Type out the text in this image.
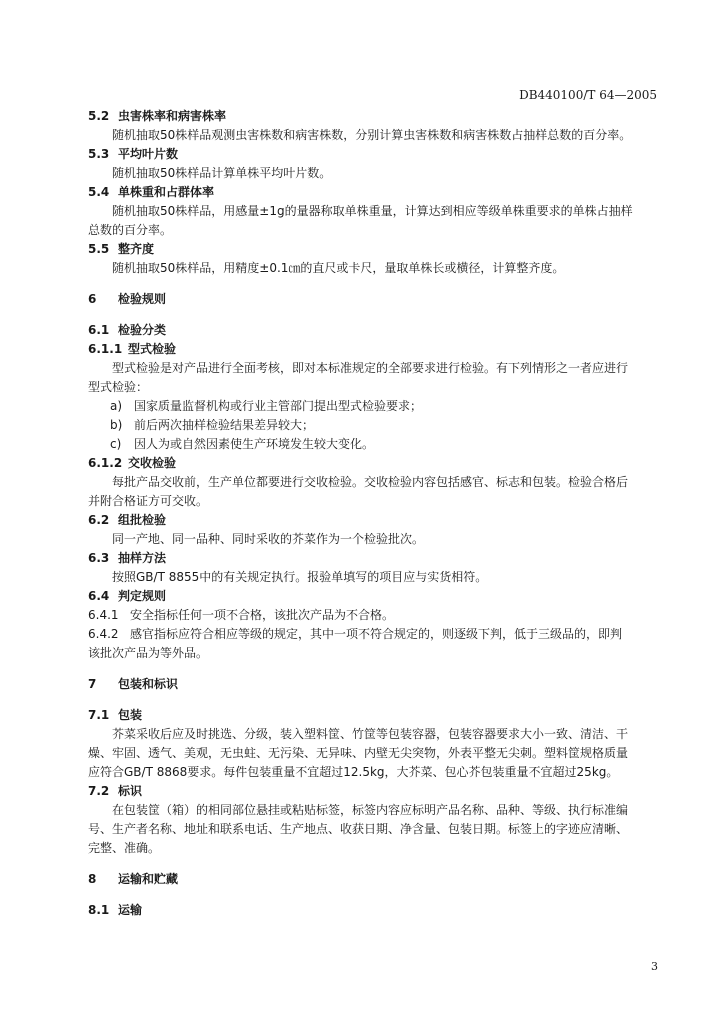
DB440100/T 64—2005
5.2 虫害株率和病害株率
随机抽取50株样品观测虫害株数和病害株数，分别计算虫害株数和病害株数占抽样总数的百分率。
5.3 平均叶片数
随机抽取50株样品计算单株平均叶片数。
5.4 单株重和占群体率
随机抽取50株样品，用感量±1g的量器称取单株重量，计算达到相应等级单株重要求的单株占抽样
总数的百分率。
5.5 整齐度
随机抽取50株样品，用精度±0.1㎝的直尺或卡尺，量取单株长或横径，计算整齐度。
6 检验规则
6.1 检验分类
6.1.1 型式检验
型式检验是对产品进行全面考核，即对本标准规定的全部要求进行检验。有下列情形之一者应进行
型式检验：
a) 国家质量监督机构或行业主管部门提出型式检验要求；
b) 前后两次抽样检验结果差异较大；
c) 因人为或自然因素使生产环境发生较大变化。
6.1.2 交收检验
每批产品交收前，生产单位都要进行交收检验。交收检验内容包括感官、标志和包装。检验合格后
并附合格证方可交收。
6.2 组批检验
同一产地、同一品种、同时采收的芥菜作为一个检验批次。
6.3 抽样方法
按照GB/T 8855中的有关规定执行。报验单填写的项目应与实货相符。
6.4 判定规则
6.4.1 安全指标任何一项不合格，该批次产品为不合格。
6.4.2 感官指标应符合相应等级的规定，其中一项不符合规定的，则逐级下判，低于三级品的，即判
该批次产品为等外品。
7 包装和标识
7.1 包装
芥菜采收后应及时挑选、分级，装入塑料筐、竹筐等包装容器，包装容器要求大小一致、清洁、干
燥、牢固、透气、美观，无虫蛀、无污染、无异味、内壁无尖突物，外表平整无尖刺。塑料筐规格质量
应符合GB/T 8868要求。每件包装重量不宜超过12.5kg，大芥菜、包心芥包装重量不宜超过25kg。
7.2 标识
在包装筐（箱）的相同部位悬挂或粘贴标签，标签内容应标明产品名称、品种、等级、执行标准编
号、生产者名称、地址和联系电话、生产地点、收获日期、净含量、包装日期。标签上的字迹应清晰、
完整、准确。
8 运输和贮藏
8.1 运输
3
